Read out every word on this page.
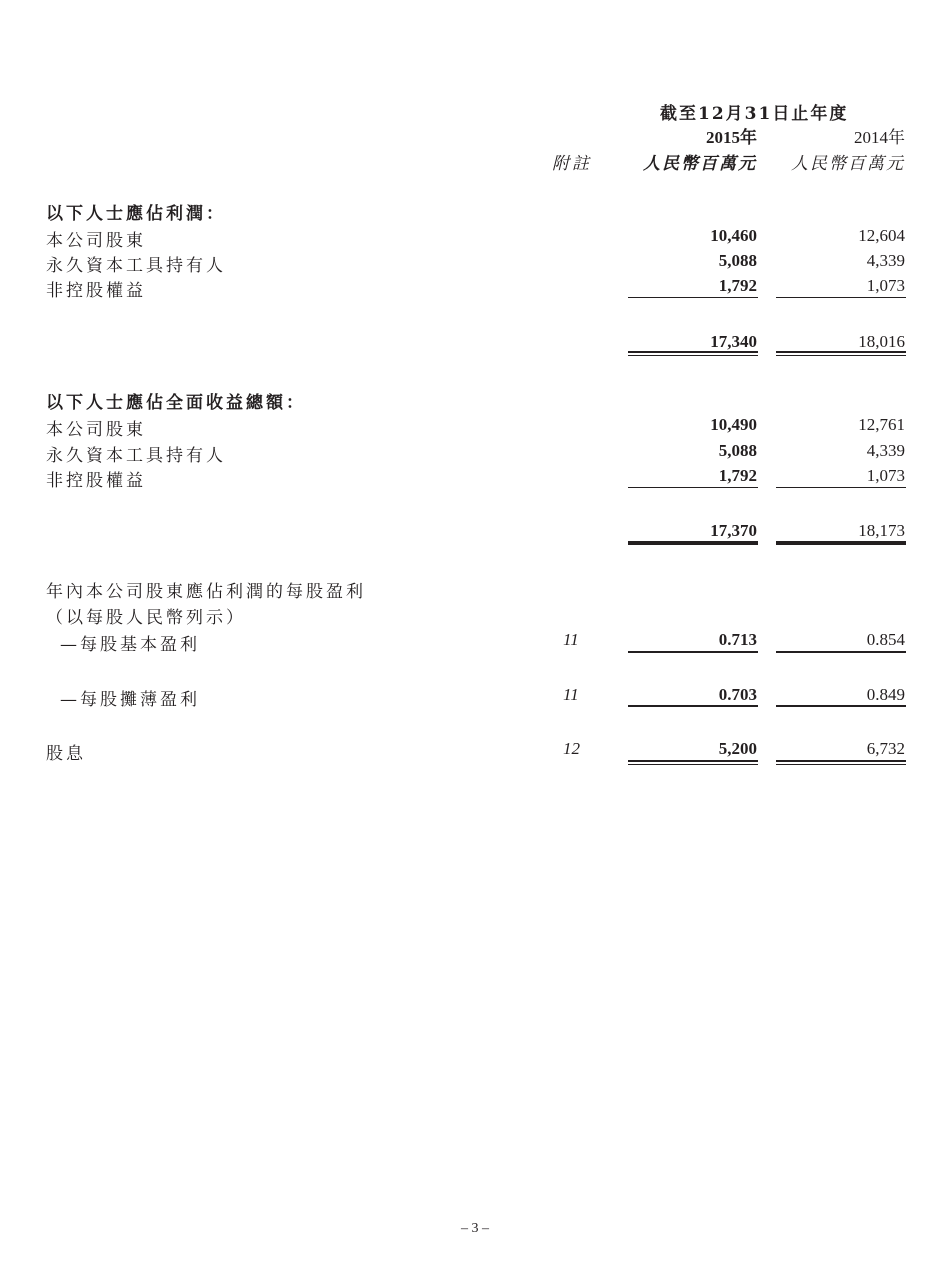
截至12月31日止年度
2015年	2014年
附註	人民幣百萬元 人民幣百萬元
以下人士應佔利潤：
本公司股東	10,460	12,604
永久資本工具持有人	5,088	4,339
非控股權益	1,792	1,073
17,340	18,016
以下人士應佔全面收益總額：
本公司股東	10,490	12,761
永久資本工具持有人	5,088	4,339
非控股權益	1,792	1,073
17,370	18,173
年內本公司股東應佔利潤的每股盈利
（以每股人民幣列示）
—每股基本盈利	11	0.713	0.854
—每股攤薄盈利	11	0.703	0.849
股息	12	5,200	6,732
– 3 –
